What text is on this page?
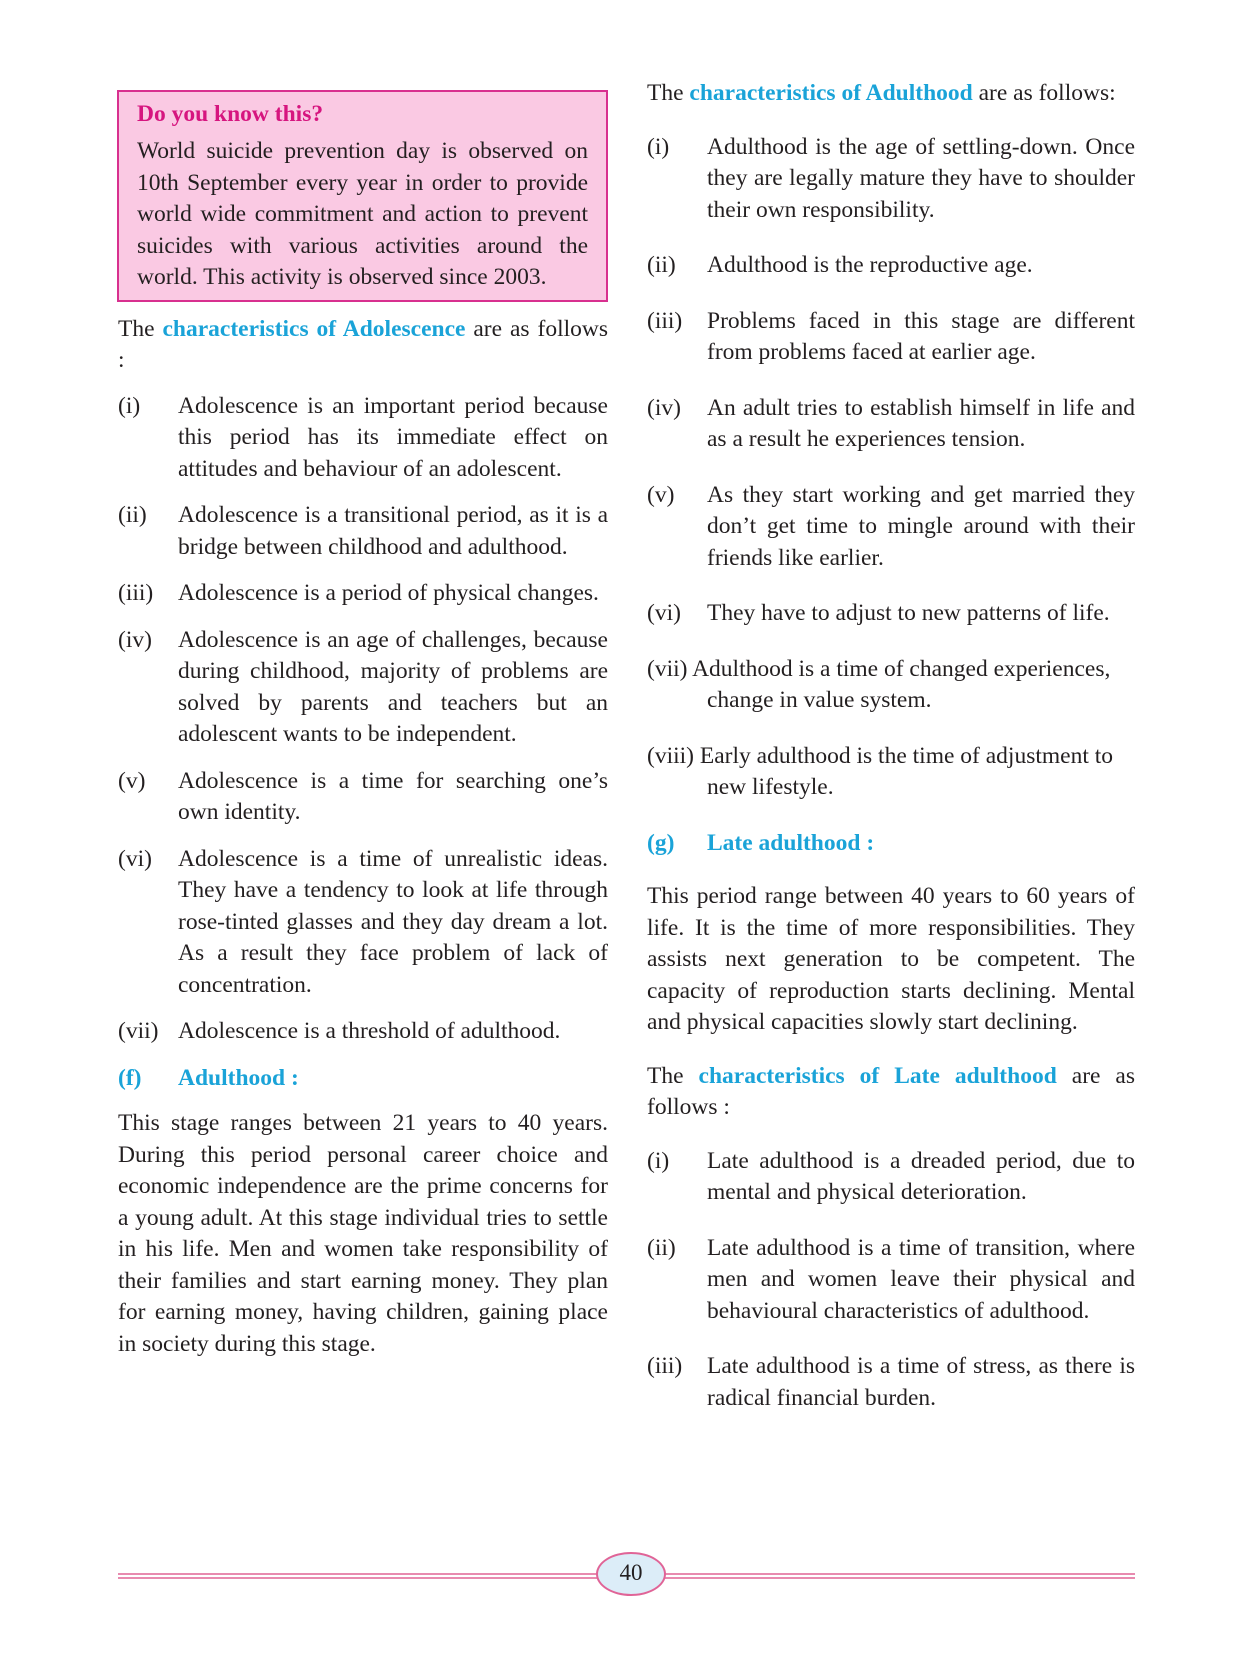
Do you know this?

World suicide prevention day is observed on 10th September every year in order to provide world wide commitment and action to prevent suicides with various activities around the world. This activity is observed since 2003.

The characteristics of Adolescence are as follows :

(i)	Adolescence is an important period because this period has its immediate effect on attitudes and behaviour of an adolescent.
(ii)	Adolescence is a transitional period, as it is a bridge between childhood and adulthood.
(iii)	Adolescence is a period of physical changes.
(iv)	Adolescence is an age of challenges, because during childhood, majority of problems are solved by parents and teachers but an adolescent wants to be independent.
(v)	Adolescence is a time for searching one’s own identity.
(vi)	Adolescence is a time of unrealistic ideas. They have a tendency to look at life through rose-tinted glasses and they day dream a lot. As a result they face problem of lack of concentration.
(vii) Adolescence is a threshold of adulthood.
(f)	Adulthood :

This stage ranges between 21 years to 40 years. During this period personal career choice and economic independence are the prime concerns for a young adult. At this stage individual tries to settle in his life. Men and women take responsibility of their families and start earning money. They plan for earning money, having children, gaining place in society during this stage.

The characteristics of Adulthood are as follows:

(i)	Adulthood is the age of settling-down. Once they are legally mature they have to shoulder their own responsibility.
(ii)	Adulthood is the reproductive age.
(iii)	Problems faced in this stage are different from problems faced at earlier age.
(iv)	An adult tries to establish himself in life and as a result he experiences tension.
(v)	As they start working and get married they don’t get time to mingle around with their friends like earlier.
(vi)	They have to adjust to new patterns of life.
(vii) Adulthood is a time of changed experiences, change in value system.
(viii) Early adulthood is the time of adjustment to new lifestyle.
(g)	Late adulthood :

This period range between 40 years to 60 years of life. It is the time of more responsibilities. They assists next generation to be competent. The capacity of reproduction starts declining. Mental and physical capacities slowly start declining.

The characteristics of Late adulthood are as follows :

(i)	Late adulthood is a dreaded period, due to mental and physical deterioration.
(ii)	Late adulthood is a time of transition, where men and women leave their physical and behavioural characteristics of adulthood.
(iii)	Late adulthood is a time of stress, as there is radical financial burden.
40
